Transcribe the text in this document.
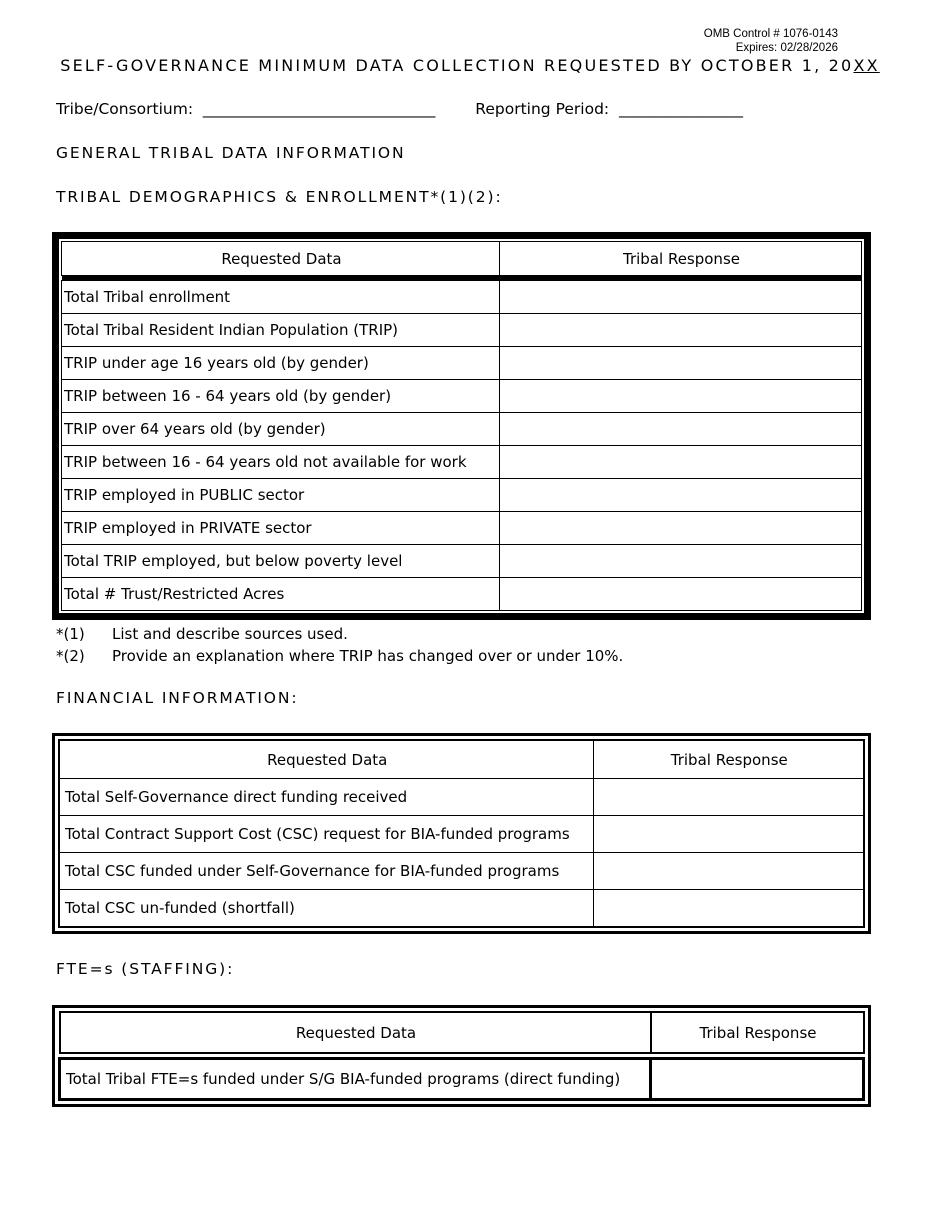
OMB Control # 1076-0143
Expires: 02/28/2026
SELF-GOVERNANCE MINIMUM DATA COLLECTION REQUESTED BY OCTOBER 1, 20XX
Tribe/Consortium: ______________________________	Reporting Period: ________________
GENERAL TRIBAL DATA INFORMATION
TRIBAL DEMOGRAPHICS & ENROLLMENT*(1)(2):
Requested Data	Tribal Response

Total Tribal enrollment	
Total Tribal Resident Indian Population (TRIP)	
TRIP under age 16 years old (by gender)	
TRIP between 16 - 64 years old (by gender)	
TRIP over 64 years old (by gender)	
TRIP between 16 - 64 years old not available for work	
TRIP employed in PUBLIC sector	
TRIP employed in PRIVATE sector	
Total TRIP employed, but below poverty level	
Total # Trust/Restricted Acres	
*(1) List and describe sources used.
*(2) Provide an explanation where TRIP has changed over or under 10%.
FINANCIAL INFORMATION:
Requested Data	Tribal Response
Total Self-Governance direct funding received	
Total Contract Support Cost (CSC) request for BIA-funded programs	
Total CSC funded under Self-Governance for BIA-funded programs	
Total CSC un-funded (shortfall)	
FTE=s (STAFFING):
Requested Data	Tribal Response

Total Tribal FTE=s funded under S/G BIA-funded programs (direct funding)	
